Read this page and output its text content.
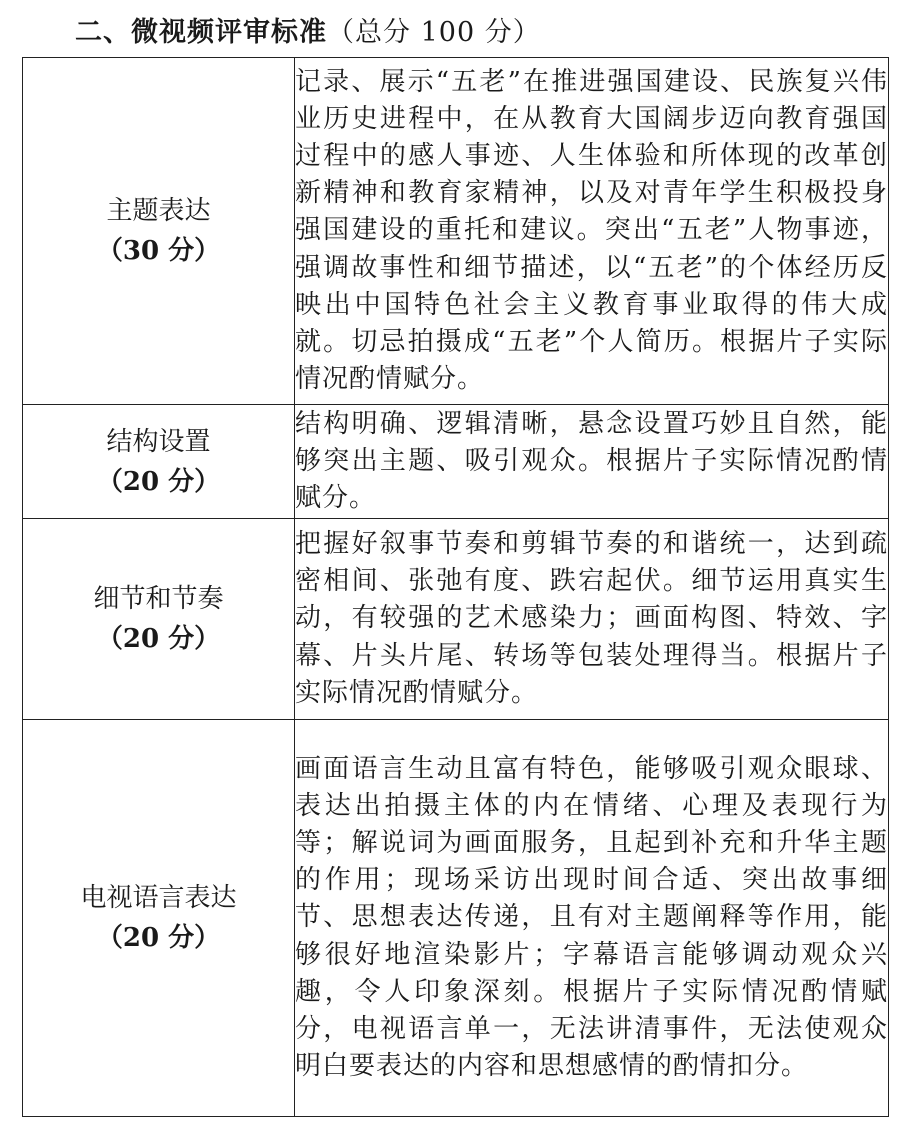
二、微视频评审标准（总分 100 分）
主题表达
（30 分）	记录、展示“五老”在推进强国建设、民族复兴伟业历史进程中，在从教育大国阔步迈向教育强国过程中的感人事迹、人生体验和所体现的改革创新精神和教育家精神，以及对青年学生积极投身强国建设的重托和建议。突出“五老”人物事迹，强调故事性和细节描述，以“五老”的个体经历反映出中国特色社会主义教育事业取得的伟大成就。切忌拍摄成“五老”个人简历。根据片子实际情况酌情赋分。

结构设置
（20 分）	结构明确、逻辑清晰，悬念设置巧妙且自然，能够突出主题、吸引观众。根据片子实际情况酌情赋分。

细节和节奏
（20 分）	把握好叙事节奏和剪辑节奏的和谐统一，达到疏密相间、张弛有度、跌宕起伏。细节运用真实生动，有较强的艺术感染力；画面构图、特效、字幕、片头片尾、转场等包装处理得当。根据片子实际情况酌情赋分。

电视语言表达
（20 分）	画面语言生动且富有特色，能够吸引观众眼球、表达出拍摄主体的内在情绪、心理及表现行为等；解说词为画面服务，且起到补充和升华主题的作用；现场采访出现时间合适、突出故事细节、思想表达传递，且有对主题阐释等作用，能够很好地渲染影片；字幕语言能够调动观众兴趣，令人印象深刻。根据片子实际情况酌情赋分，电视语言单一，无法讲清事件，无法使观众明白要表达的内容和思想感情的酌情扣分。
